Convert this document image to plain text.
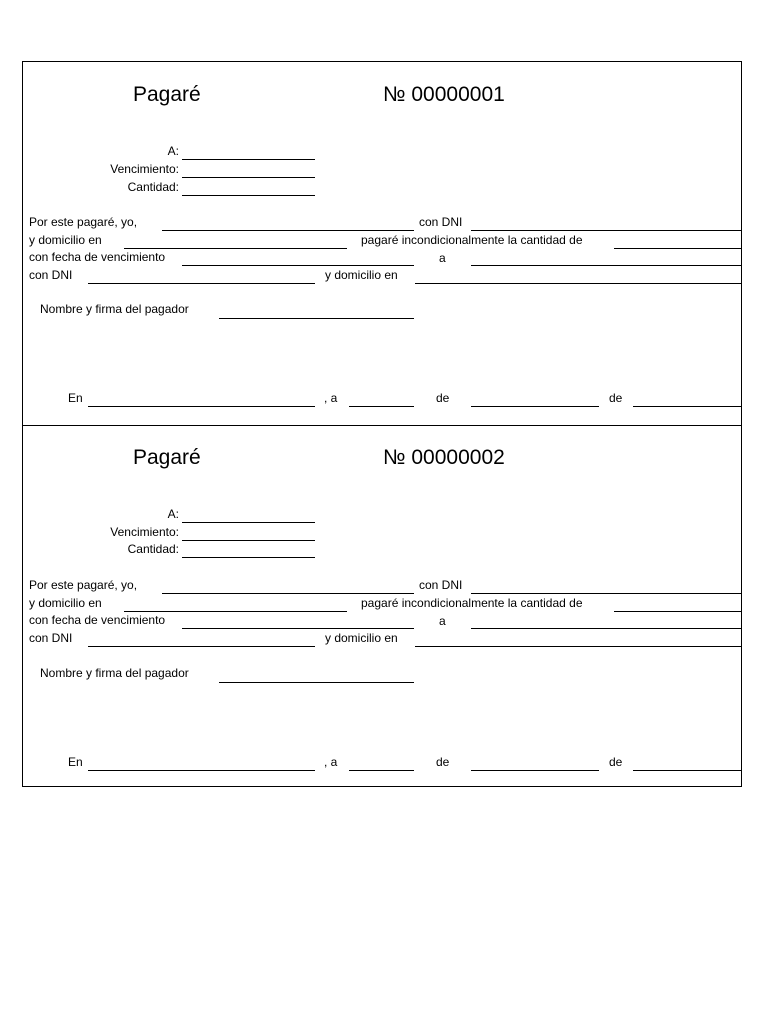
Pagaré	№ 00000001
A:
Vencimiento:
Cantidad:
Por este pagaré, yo,	con DNI
y domicilio en	pagaré incondicionalmente la cantidad de
con fecha de vencimiento	a
con DNI	y domicilio en
Nombre y firma del pagador
En	, a	de	de
Pagaré	№ 00000002
A:
Vencimiento:
Cantidad:
Por este pagaré, yo,	con DNI
y domicilio en	pagaré incondicionalmente la cantidad de
con fecha de vencimiento	a
con DNI	y domicilio en
Nombre y firma del pagador
En	, a	de	de
